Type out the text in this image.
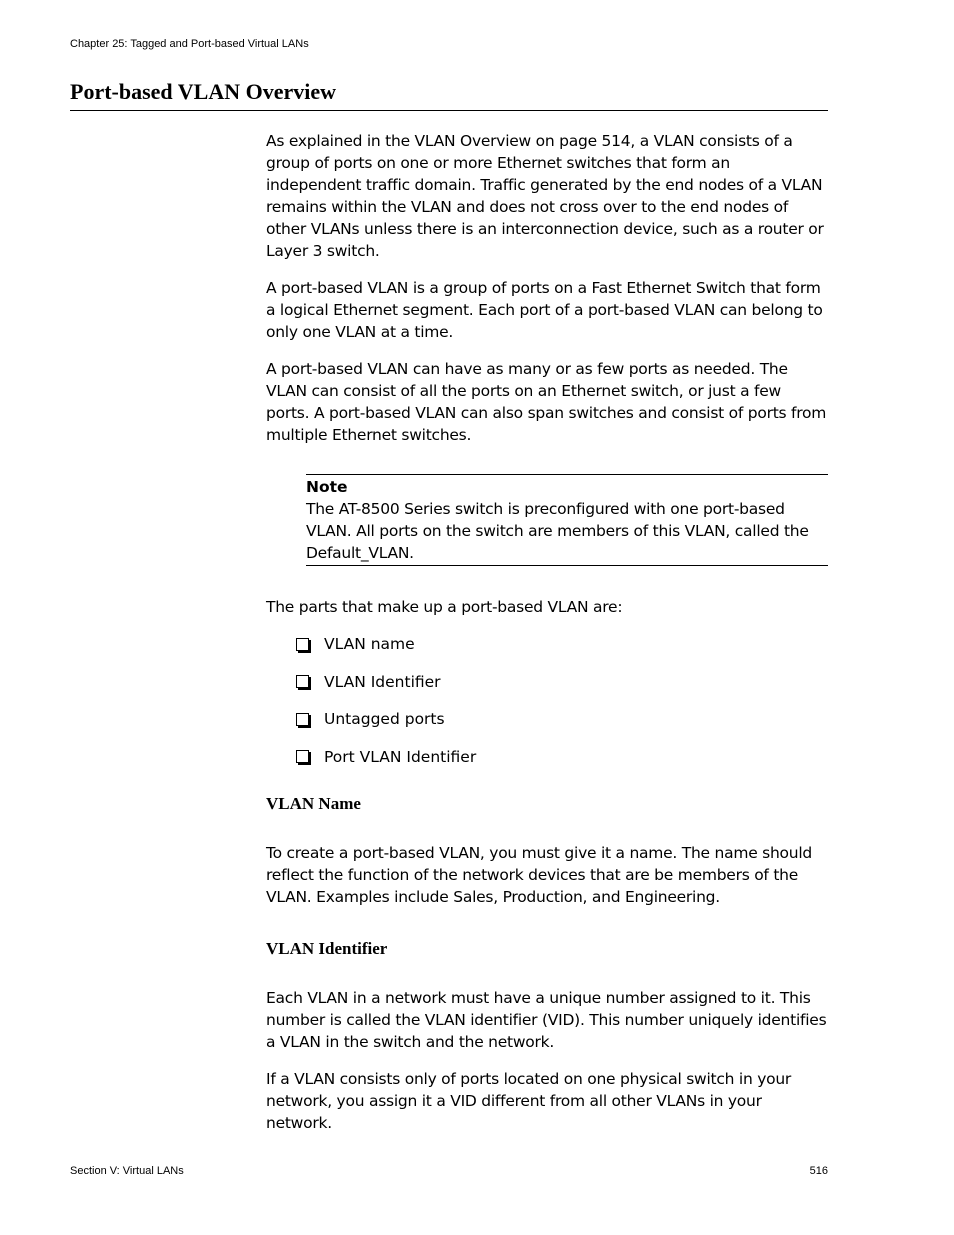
Chapter 25: Tagged and Port-based Virtual LANs
Port-based VLAN Overview

As explained in the VLAN Overview on page 514, a VLAN consists of a group of ports on one or more Ethernet switches that form an independent traffic domain. Traffic generated by the end nodes of a VLAN remains within the VLAN and does not cross over to the end nodes of other VLANs unless there is an interconnection device, such as a router or Layer 3 switch.

A port-based VLAN is a group of ports on a Fast Ethernet Switch that form a logical Ethernet segment. Each port of a port-based VLAN can belong to only one VLAN at a time.

A port-based VLAN can have as many or as few ports as needed. The VLAN can consist of all the ports on an Ethernet switch, or just a few ports. A port-based VLAN can also span switches and consist of ports from multiple Ethernet switches.

Note

The AT-8500 Series switch is preconfigured with one port-based VLAN. All ports on the switch are members of this VLAN, called the Default_VLAN.

The parts that make up a port-based VLAN are:

VLAN name
VLAN Identifier
Untagged ports
Port VLAN Identifier
VLAN Name

To create a port-based VLAN, you must give it a name. The name should reflect the function of the network devices that are be members of the VLAN. Examples include Sales, Production, and Engineering.

VLAN Identifier

Each VLAN in a network must have a unique number assigned to it. This number is called the VLAN identifier (VID). This number uniquely identifies a VLAN in the switch and the network.

If a VLAN consists only of ports located on one physical switch in your network, you assign it a VID different from all other VLANs in your network.

Section V: Virtual LANs	516
